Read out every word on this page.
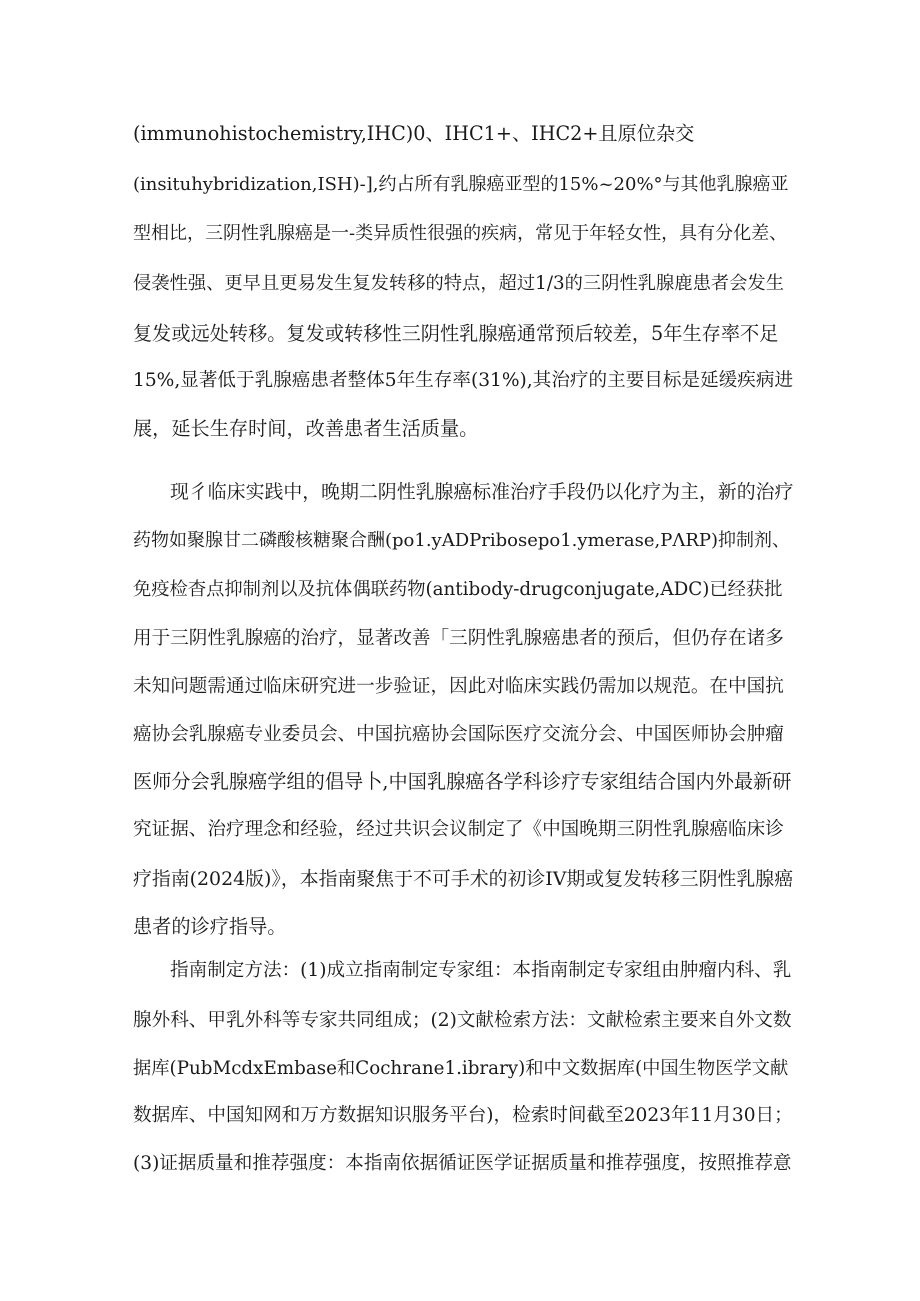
(immunohistochemistry,IHC)0、IHC1+、IHC2+且原位杂交
(insituhybridization,ISH)-],约占所有乳腺癌亚型的15%~20%°与其他乳腺癌亚
型相比，三阴性乳腺癌是一-类异质性很强的疾病，常见于年轻女性，具有分化差、
侵袭性强、更早且更易发生复发转移的特点，超过1/3的三阴性乳腺鹿患者会发生
复发或远处转移。复发或转移性三阴性乳腺癌通常预后较差，5年生存率不足
15%,显著低于乳腺癌患者整体5年生存率(31%),其治疗的主要目标是延缓疾病进
展，延长生存时间，改善患者生活质量。
现彳临床实践中，晚期二阴性乳腺癌标准治疗手段仍以化疗为主，新的治疗
药物如聚腺甘二磷酸核糖聚合酬(po1.yADPribosepo1.ymerase,PΛRP)抑制剂、
免疫检杳点抑制剂以及抗体偶联药物(antibody-drugconjugate,ADC)已经获批
用于三阴性乳腺癌的治疗，显著改善「三阴性乳腺癌患者的预后，但仍存在诸多
未知问题需通过临床研究进一步验证，因此对临床实践仍需加以规范。在中国抗
癌协会乳腺癌专业委员会、中国抗癌协会国际医疗交流分会、中国医师协会肿瘤
医师分会乳腺癌学组的倡导卜,中国乳腺癌各学科诊疗专家组结合国内外最新研
究证据、治疗理念和经验，经过共识会议制定了《中国晚期三阴性乳腺癌临床诊
疗指南(2024版)》，本指南聚焦于不可手术的初诊IV期或复发转移三阴性乳腺癌
患者的诊疗指导。
指南制定方法：(1)成立指南制定专家组：本指南制定专家组由肿瘤内科、乳
腺外科、甲乳外科等专家共同组成；(2)文献检索方法：文献检索主要来自外文数
据库(PubMcdxEmbase和Cochrane1.ibrary)和中文数据库(中国生物医学文献
数据库、中国知网和万方数据知识服务平台)，检索时间截至2023年11月30日；
(3)证据质量和推荐强度：本指南依据循证医学证据质量和推荐强度，按照推荐意
